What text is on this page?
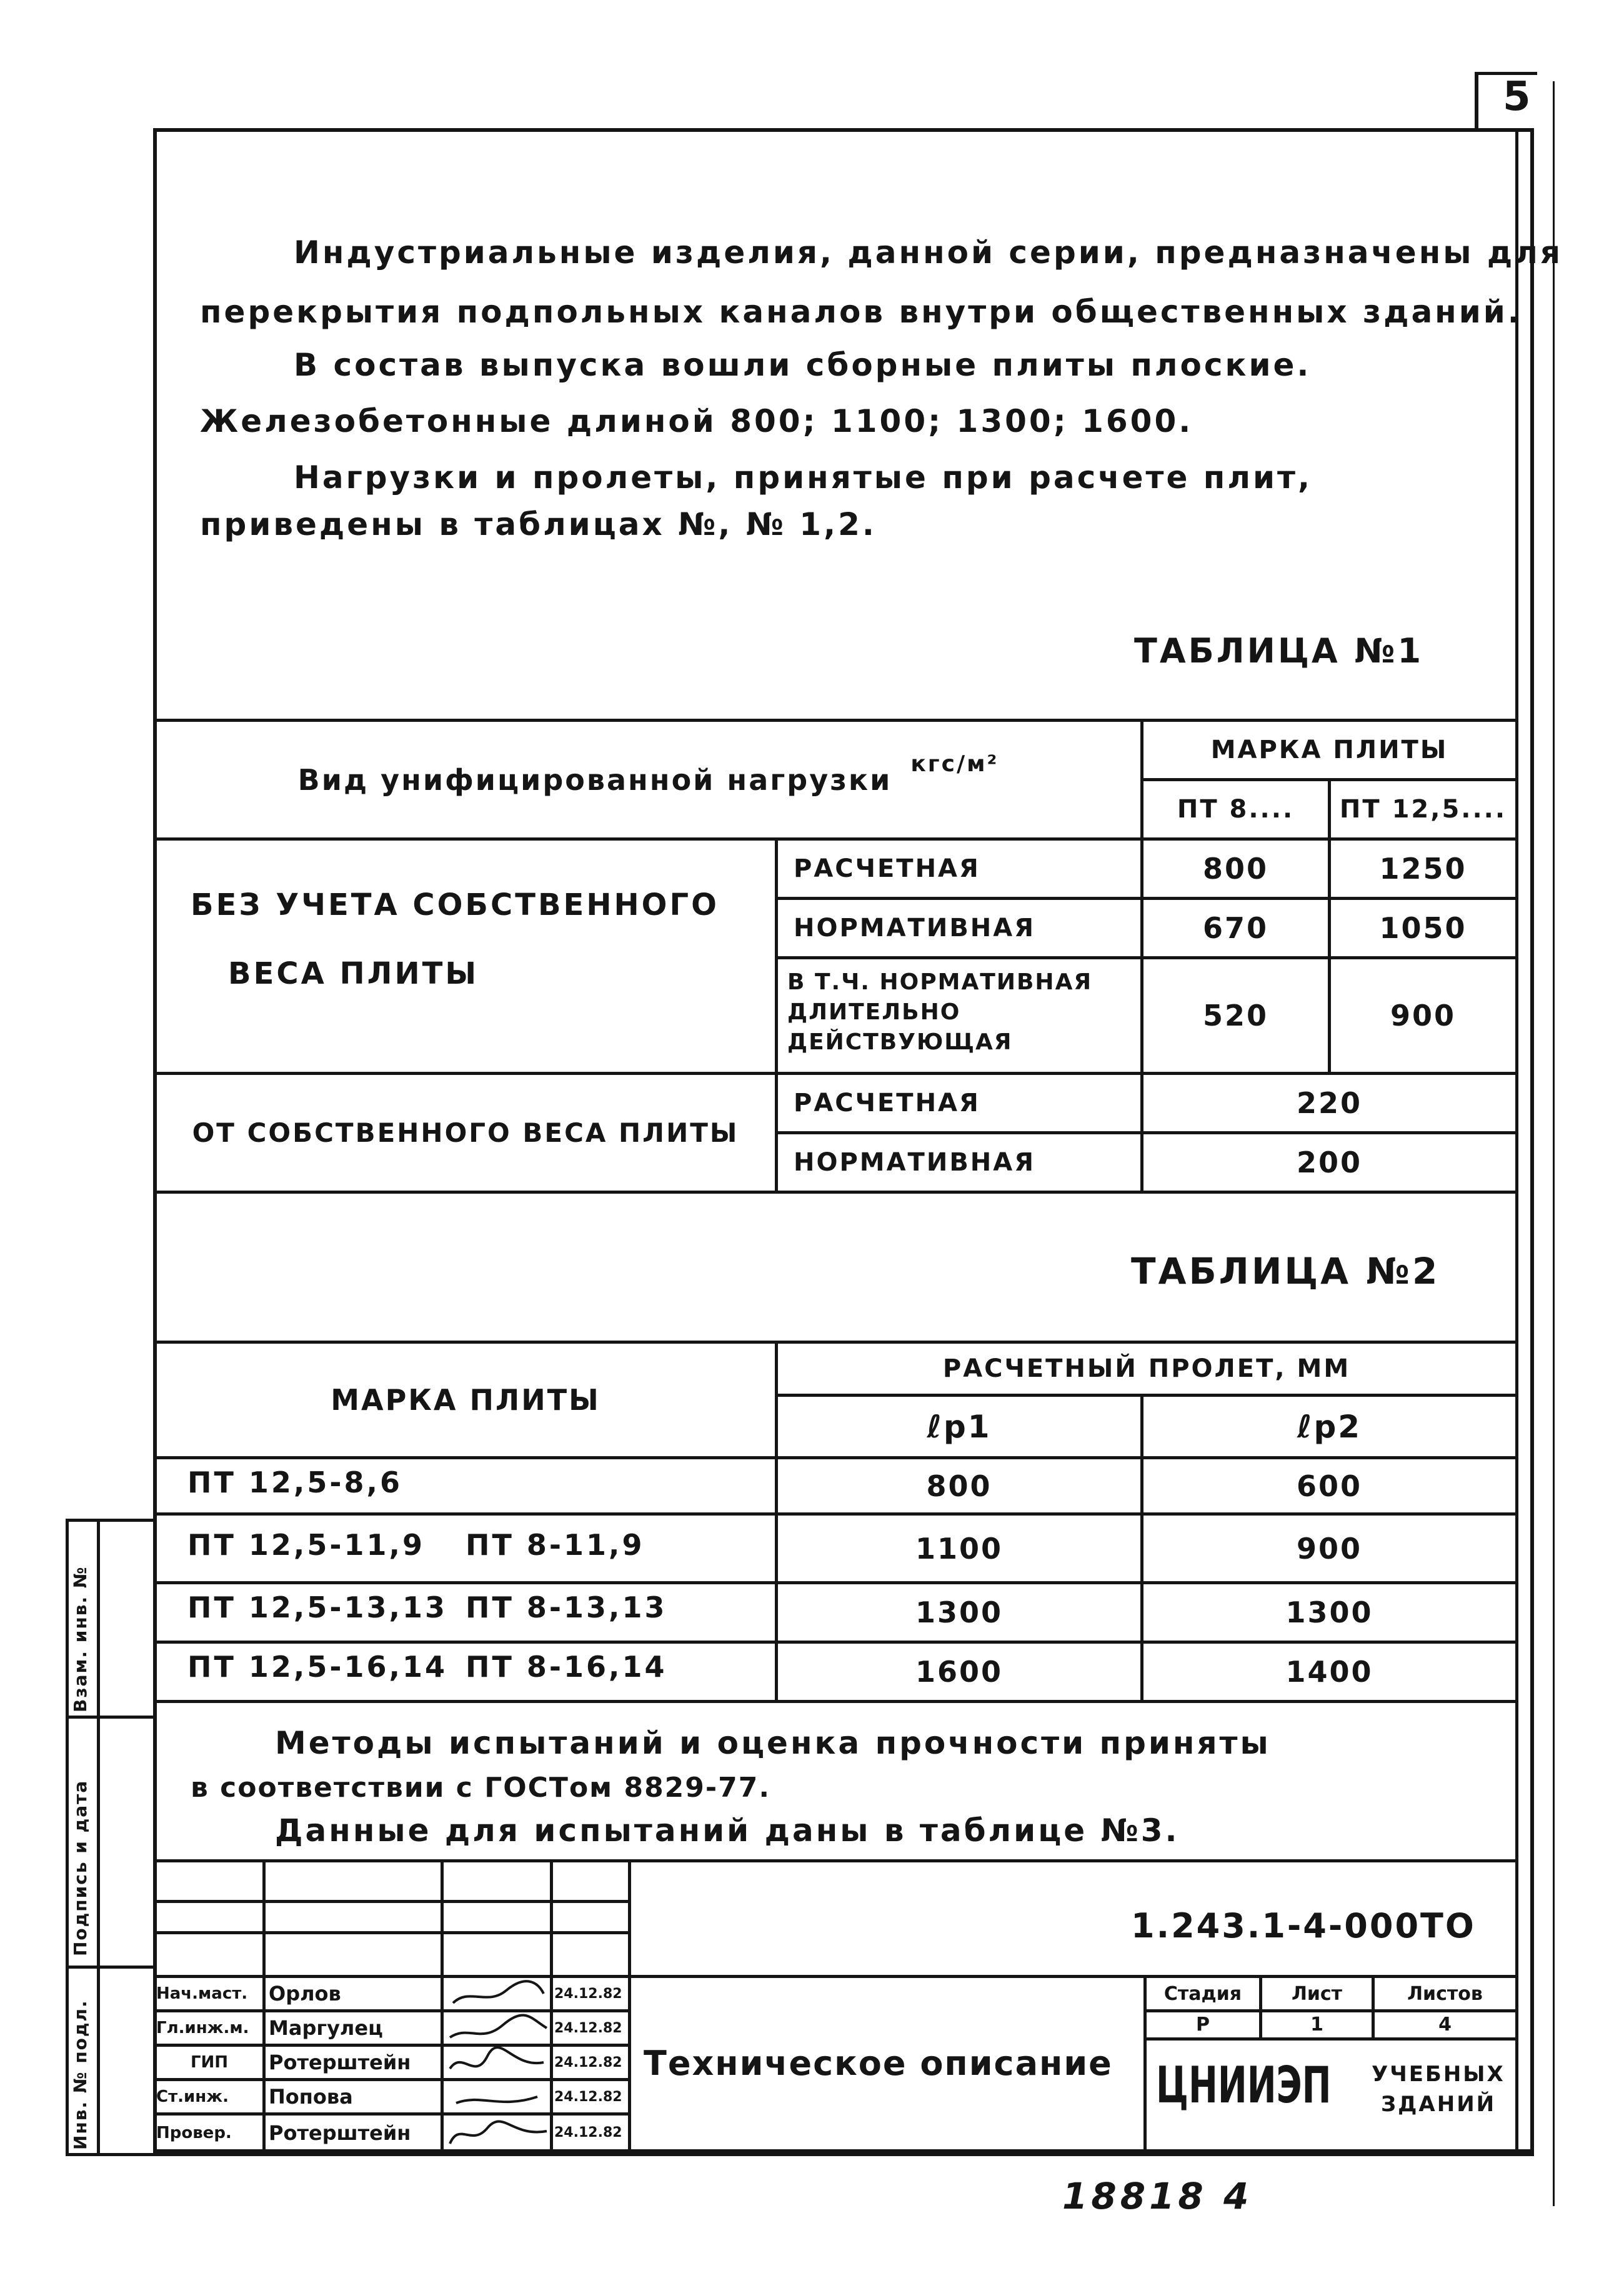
5
Индустриальные изделия, данной серии, предназначены для
перекрытия подпольных каналов внутри общественных зданий.
В состав выпуска вошли сборные плиты плоские.
Железобетонные длиной 800; 1100; 1300; 1600.
Нагрузки и пролеты, принятые при расчете плит,
приведены в таблицах №, № 1,2.
ТАБЛИЦА №1
Вид унифицированной нагрузки кгс/м²	МАРКА ПЛИТЫ
ПТ 8....	ПТ 12,5....
БЕЗ УЧЕТА СОБСТВЕННОГО
ВЕСА ПЛИТЫ
РАСЧЕТНАЯ	800	1250
НОРМАТИВНАЯ	670	1050
В Т.Ч. НОРМАТИВНАЯ
ДЛИТЕЛЬНО
ДЕЙСТВУЮЩАЯ
520	900
ОТ СОБСТВЕННОГО ВЕСА ПЛИТЫ
РАСЧЕТНАЯ	220
НОРМАТИВНАЯ	200
ТАБЛИЦА №2
МАРКА ПЛИТЫ
РАСЧЕТНЫЙ ПРОЛЕТ, ММ
ℓр1	ℓр2
ПТ 12,5-8,6	800	600
ПТ 12,5-11,9 ПТ 8-11,9	1100	900
ПТ 12,5-13,13 ПТ 8-13,13	1300	1300
ПТ 12,5-16,14 ПТ 8-16,14	1600	1400
Методы испытаний и оценка прочности приняты
в соответствии с ГОСТом 8829-77.
Данные для испытаний даны в таблице №3.
1.243.1-4-000ТО
Нач.маст.	Орлов	24.12.82
Гл.инж.м. Маргулец	24.12.82
ГИП	Ротерштейн	24.12.82
Ст.инж.	Попова	24.12.82
Провер.	Ротерштейн	24.12.82
Техническое описание
Стадия	Лист	Листов
Р	1	4
ЦНИИЭП УЧЕБНЫХ
ЗДАНИЙ
Инв. № подл.
Подпись и дата
Взам. инв. №
18818 4
